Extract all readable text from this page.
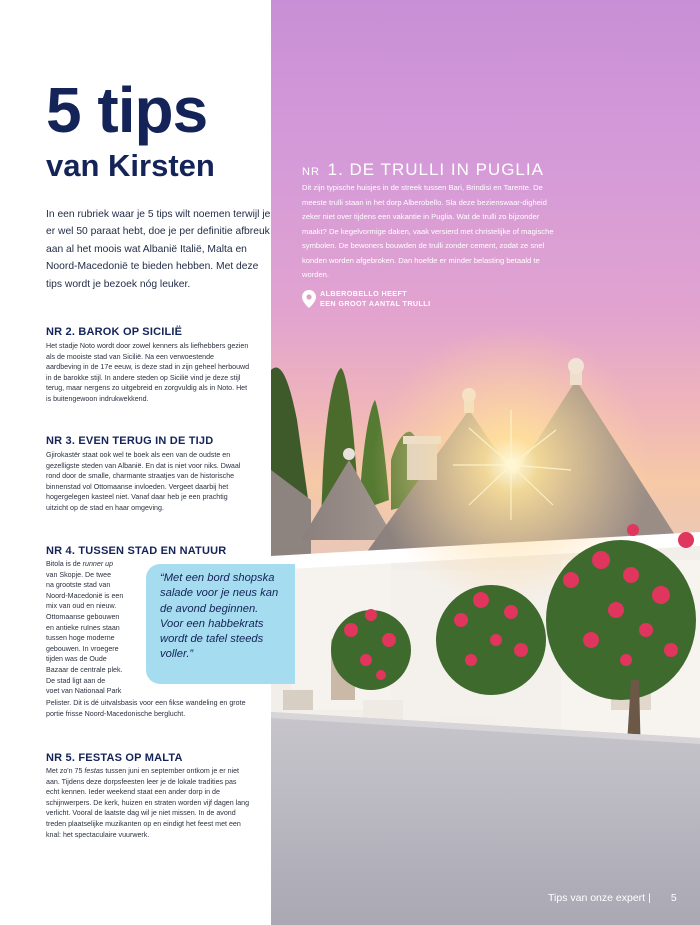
NR 1. DE TRULLI IN PUGLIA
Dit zijn typische huisjes in de streek tussen Bari, Brindisi en Tarente. De meeste trulli staan in het dorp Alberobello. Sla deze bezienswaar-digheid zeker niet over tijdens een vakantie in Puglia. Wat de trulli zo bijzonder maakt? De kegelvormige daken, vaak versierd met christelijke of magische symbolen. De bewoners bouwden de trulli zonder cement, zodat ze snel konden worden afgebroken. Dan hoefde er minder belasting betaald te worden.
ALBEROBELLO HEEFT
EEN GROOT AANTAL TRULLI
5 tips
van Kirsten
In een rubriek waar je 5 tips wilt noemen terwijl je er wel 50 paraat hebt, doe je per definitie afbreuk aan al het moois wat Albanië Italië, Malta en Noord-Macedonië te bieden hebben. Met deze tips wordt je bezoek nóg leuker.
NR 2. BAROK OP SICILIË
Het stadje Noto wordt door zowel kenners als liefhebbers gezien als de mooiste stad van Sicilië. Na een verwoestende aardbeving in de 17e eeuw, is deze stad in zijn geheel herbouwd in de barokke stijl. In andere steden op Sicilië vind je deze stijl terug, maar nergens zo uitgebreid en zorgvuldig als in Noto. Het is buitengewoon indrukwekkend.
NR 3. EVEN TERUG IN DE TIJD
Gjirokastër staat ook wel te boek als een van de oudste en gezelligste steden van Albanië. En dat is niet voor niks. Dwaal rond door de smalle, charmante straatjes van de historische binnenstad vol Ottomaanse invloeden. Vergeet daarbij het hogergelegen kasteel niet. Vanaf daar heb je een prachtig uitzicht op de stad en haar omgeving.
NR 4. TUSSEN STAD EN NATUUR
Bitola is de runner up
van Skopje. De twee
na grootste stad van
Noord-Macedonië is een
mix van oud en nieuw.
Ottomaanse gebouwen
en antieke ruïnes staan
tussen hoge moderne
gebouwen. In vroegere
tijden was de Oude
Bazaar de centrale plek.
De stad ligt aan de
voet van Nationaal Park
Pelister. Dit is dé uitvalsbasis voor een fikse wandeling en grote portie frisse Noord-Macedonische berglucht.
“Met een bord shopska salade voor je neus kan de avond beginnen. Voor een habbekrats wordt de tafel steeds voller.”
NR 5. FESTAS OP MALTA
Met zo'n 75 festas tussen juni en september ontkom je er niet aan. Tijdens deze dorpsfeesten leer je de lokale tradities pas echt kennen. Ieder weekend staat een ander dorp in de schijnwerpers. De kerk, huizen en straten worden vijf dagen lang verlicht. Vooral de laatste dag wil je niet missen. In de avond treden plaatselijke muzikanten op en eindigt het feest met een knal: het spectaculaire vuurwerk.
Tips van onze expert | 5
